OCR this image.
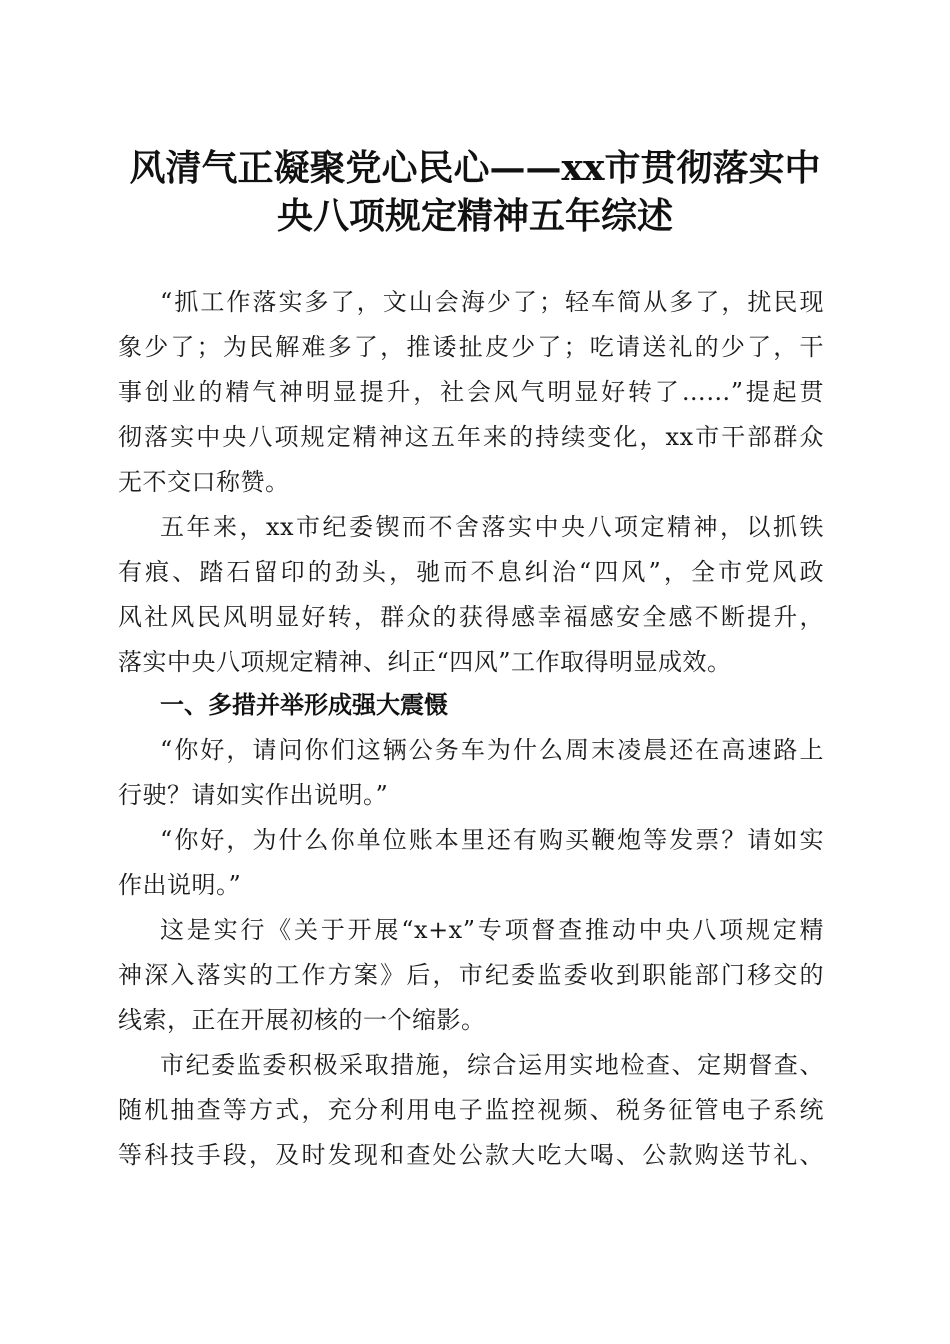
风清气正凝聚党心民心——xx市贯彻落实中
央八项规定精神五年综述
“抓工作落实多了，文山会海少了；轻车简从多了，扰民现
象少了；为民解难多了，推诿扯皮少了；吃请送礼的少了，干
事创业的精气神明显提升，社会风气明显好转了……”提起贯
彻落实中央八项规定精神这五年来的持续变化，xx市干部群众
无不交口称赞。
五年来，xx市纪委锲而不舍落实中央八项定精神，以抓铁
有痕、踏石留印的劲头，驰而不息纠治“四风”，全市党风政
风社风民风明显好转，群众的获得感幸福感安全感不断提升，
落实中央八项规定精神、纠正“四风”工作取得明显成效。
一、多措并举形成强大震慑
“你好，请问你们这辆公务车为什么周末凌晨还在高速路上
行驶？请如实作出说明。”
“你好，为什么你单位账本里还有购买鞭炮等发票？请如实
作出说明。”
这是实行《关于开展“x+x”专项督查推动中央八项规定精
神深入落实的工作方案》后，市纪委监委收到职能部门移交的
线索，正在开展初核的一个缩影。
市纪委监委积极采取措施，综合运用实地检查、定期督查、
随机抽查等方式，充分利用电子监控视频、税务征管电子系统
等科技手段，及时发现和查处公款大吃大喝、公款购送节礼、
